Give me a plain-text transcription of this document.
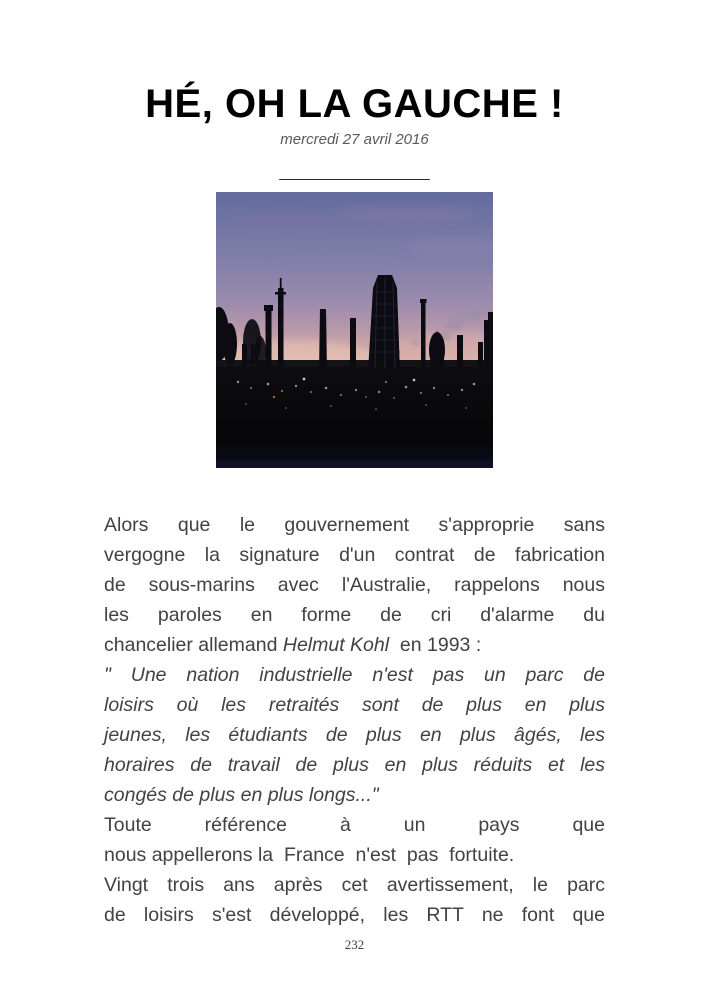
HÉ, OH LA GAUCHE !
mercredi 27 avril 2016
__________________
Alors que le gouvernement s'approprie sans
vergogne la signature d'un contrat de fabrication
de sous-marins avec l'Australie, rappelons nous
les paroles en forme de cri d'alarme du
chancelier allemand Helmut Kohl  en 1993 :
" Une nation industrielle n'est pas un parc de
loisirs où les retraités sont de plus en plus
jeunes, les étudiants de plus en plus âgés, les
horaires de travail de plus en plus réduits et les
congés de plus en plus longs..."
Toute référence à un pays que
nous appellerons la  France  n'est  pas  fortuite.
Vingt trois ans après cet avertissement, le parc
de loisirs s'est développé, les RTT ne font que
232
